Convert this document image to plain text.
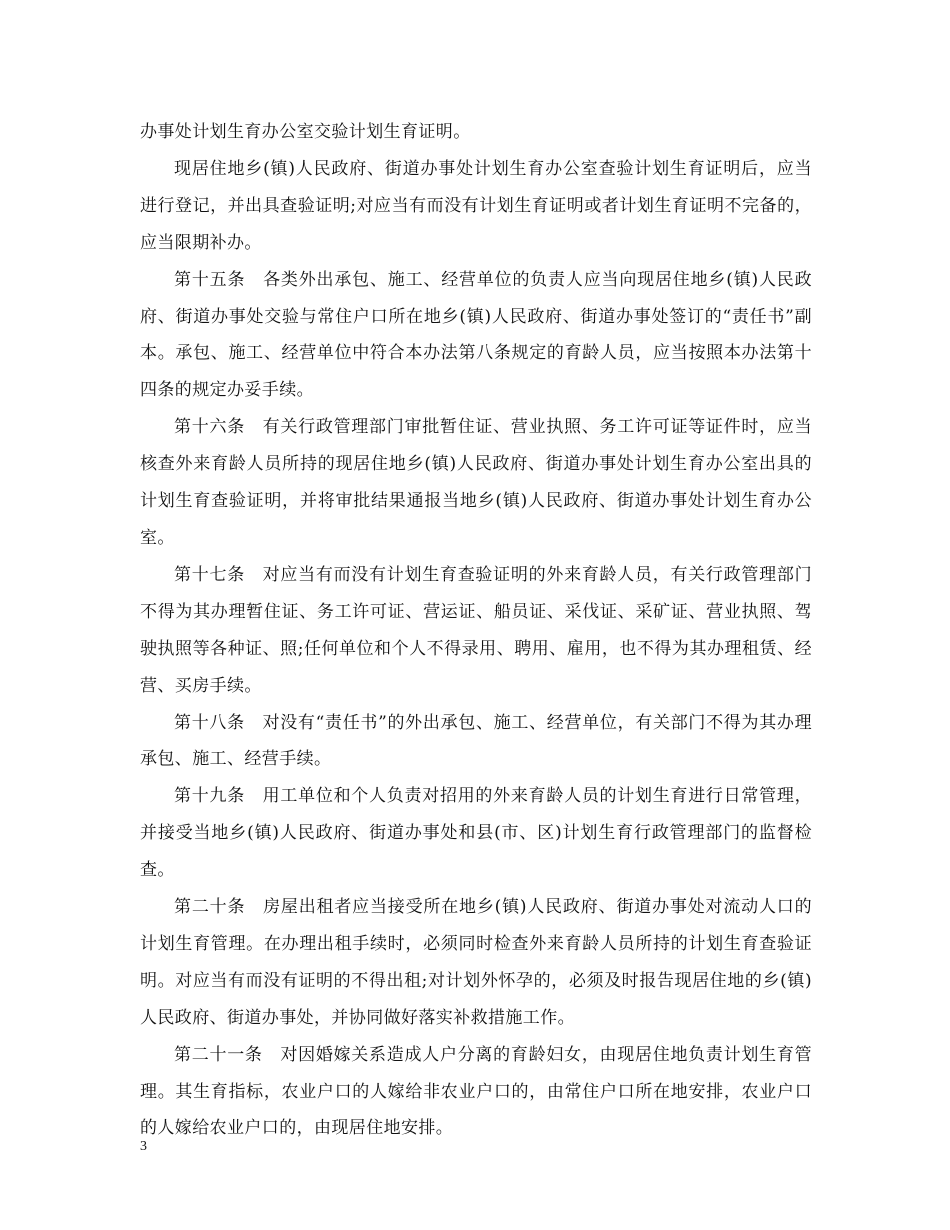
办事处计划生育办公室交验计划生育证明。

现居住地乡(镇)人民政府、街道办事处计划生育办公室查验计划生育证明后，应当进行登记，并出具查验证明;对应当有而没有计划生育证明或者计划生育证明不完备的，应当限期补办。

第十五条　各类外出承包、施工、经营单位的负责人应当向现居住地乡(镇)人民政府、街道办事处交验与常住户口所在地乡(镇)人民政府、街道办事处签订的“责任书”副本。承包、施工、经营单位中符合本办法第八条规定的育龄人员，应当按照本办法第十四条的规定办妥手续。

第十六条　有关行政管理部门审批暂住证、营业执照、务工许可证等证件时，应当核查外来育龄人员所持的现居住地乡(镇)人民政府、街道办事处计划生育办公室出具的计划生育查验证明，并将审批结果通报当地乡(镇)人民政府、街道办事处计划生育办公室。

第十七条　对应当有而没有计划生育查验证明的外来育龄人员，有关行政管理部门不得为其办理暂住证、务工许可证、营运证、船员证、采伐证、采矿证、营业执照、驾驶执照等各种证、照;任何单位和个人不得录用、聘用、雇用，也不得为其办理租赁、经营、买房手续。

第十八条　对没有“责任书”的外出承包、施工、经营单位，有关部门不得为其办理承包、施工、经营手续。

第十九条　用工单位和个人负责对招用的外来育龄人员的计划生育进行日常管理，并接受当地乡(镇)人民政府、街道办事处和县(市、区)计划生育行政管理部门的监督检查。

第二十条　房屋出租者应当接受所在地乡(镇)人民政府、街道办事处对流动人口的计划生育管理。在办理出租手续时，必须同时检查外来育龄人员所持的计划生育查验证明。对应当有而没有证明的不得出租;对计划外怀孕的，必须及时报告现居住地的乡(镇)人民政府、街道办事处，并协同做好落实补救措施工作。

第二十一条　对因婚嫁关系造成人户分离的育龄妇女，由现居住地负责计划生育管理。其生育指标，农业户口的人嫁给非农业户口的，由常住户口所在地安排，农业户口的人嫁给农业户口的，由现居住地安排。

3
